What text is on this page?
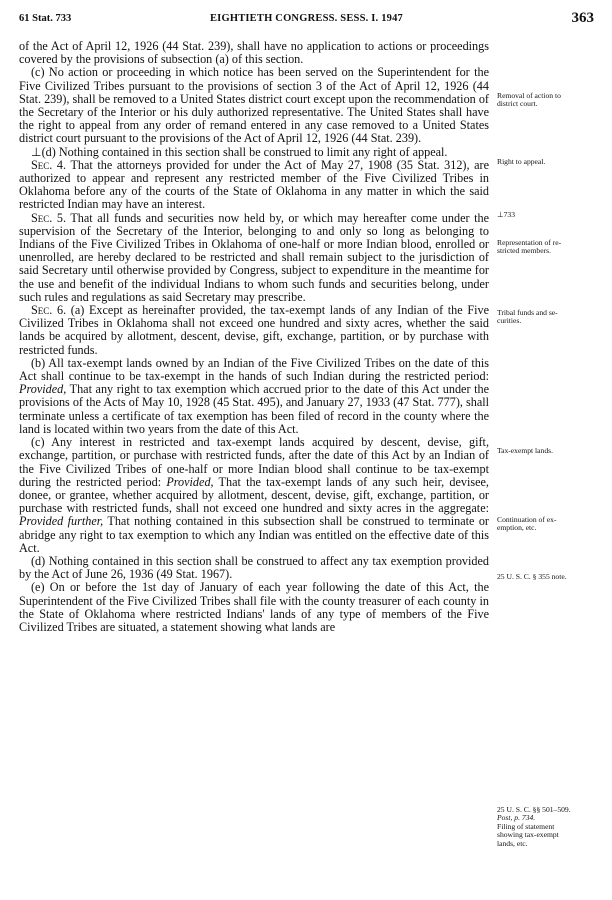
61 Stat. 733	EIGHTIETH CONGRESS. SESS. I. 1947	363

of the Act of April 12, 1926 (44 Stat. 239), shall have no application to actions or proceedings covered by the provisions of subsection (a) of this section.

(c) No action or proceeding in which notice has been served on the Superintendent for the Five Civilized Tribes pursuant to the provisions of section 3 of the Act of April 12, 1926 (44 Stat. 239), shall be removed to a United States district court except upon the recommendation of the Secretary of the Interior or his duly authorized representative. The United States shall have the right to appeal from any order of remand entered in any case removed to a United States district court pursuant to the provisions of the Act of April 12, 1926 (44 Stat. 239).

⊥(d) Nothing contained in this section shall be construed to limit any right of appeal.

Sec. 4. That the attorneys provided for under the Act of May 27, 1908 (35 Stat. 312), are authorized to appear and represent any restricted member of the Five Civilized Tribes in Oklahoma before any of the courts of the State of Oklahoma in any matter in which the said restricted Indian may have an interest.

Sec. 5. That all funds and securities now held by, or which may hereafter come under the supervision of the Secretary of the Interior, belonging to and only so long as belonging to Indians of the Five Civilized Tribes in Oklahoma of one-half or more Indian blood, enrolled or unenrolled, are hereby declared to be restricted and shall remain subject to the jurisdiction of said Secretary until otherwise provided by Congress, subject to expenditure in the meantime for the use and benefit of the individual Indians to whom such funds and securities belong, under such rules and regulations as said Secretary may prescribe.

Sec. 6. (a) Except as hereinafter provided, the tax-exempt lands of any Indian of the Five Civilized Tribes in Oklahoma shall not exceed one hundred and sixty acres, whether the said lands be acquired by allotment, descent, devise, gift, exchange, partition, or by purchase with restricted funds.

(b) All tax-exempt lands owned by an Indian of the Five Civilized Tribes on the date of this Act shall continue to be tax-exempt in the hands of such Indian during the restricted period: Provided, That any right to tax exemption which accrued prior to the date of this Act under the provisions of the Acts of May 10, 1928 (45 Stat. 495), and January 27, 1933 (47 Stat. 777), shall terminate unless a certificate of tax exemption has been filed of record in the county where the land is located within two years from the date of this Act.

(c) Any interest in restricted and tax-exempt lands acquired by descent, devise, gift, exchange, partition, or purchase with restricted funds, after the date of this Act by an Indian of the Five Civilized Tribes of one-half or more Indian blood shall continue to be tax-exempt during the restricted period: Provided, That the tax-exempt lands of any such heir, devisee, donee, or grantee, whether acquired by allotment, descent, devise, gift, exchange, partition, or purchase with restricted funds, shall not exceed one hundred and sixty acres in the aggregate: Provided further, That nothing contained in this subsection shall be construed to terminate or abridge any right to tax exemption to which any Indian was entitled on the effective date of this Act.

(d) Nothing contained in this section shall be construed to affect any tax exemption provided by the Act of June 26, 1936 (49 Stat. 1967).

(e) On or before the 1st day of January of each year following the date of this Act, the Superintendent of the Five Civilized Tribes shall file with the county treasurer of each county in the State of Oklahoma where restricted Indians' lands of any type of members of the Five Civilized Tribes are situated, a statement showing what lands are

Removal of action to
district court.
Right to appeal.
⊥733
Representation of re-
stricted members.
Tribal funds and se-
curities.
Tax-exempt lands.
Continuation of ex-
emption, etc.
25 U. S. C. § 355 note.
25 U. S. C. §§ 501–509.
Post, p. 734.
Filing of statement
showing tax-exempt
lands, etc.
